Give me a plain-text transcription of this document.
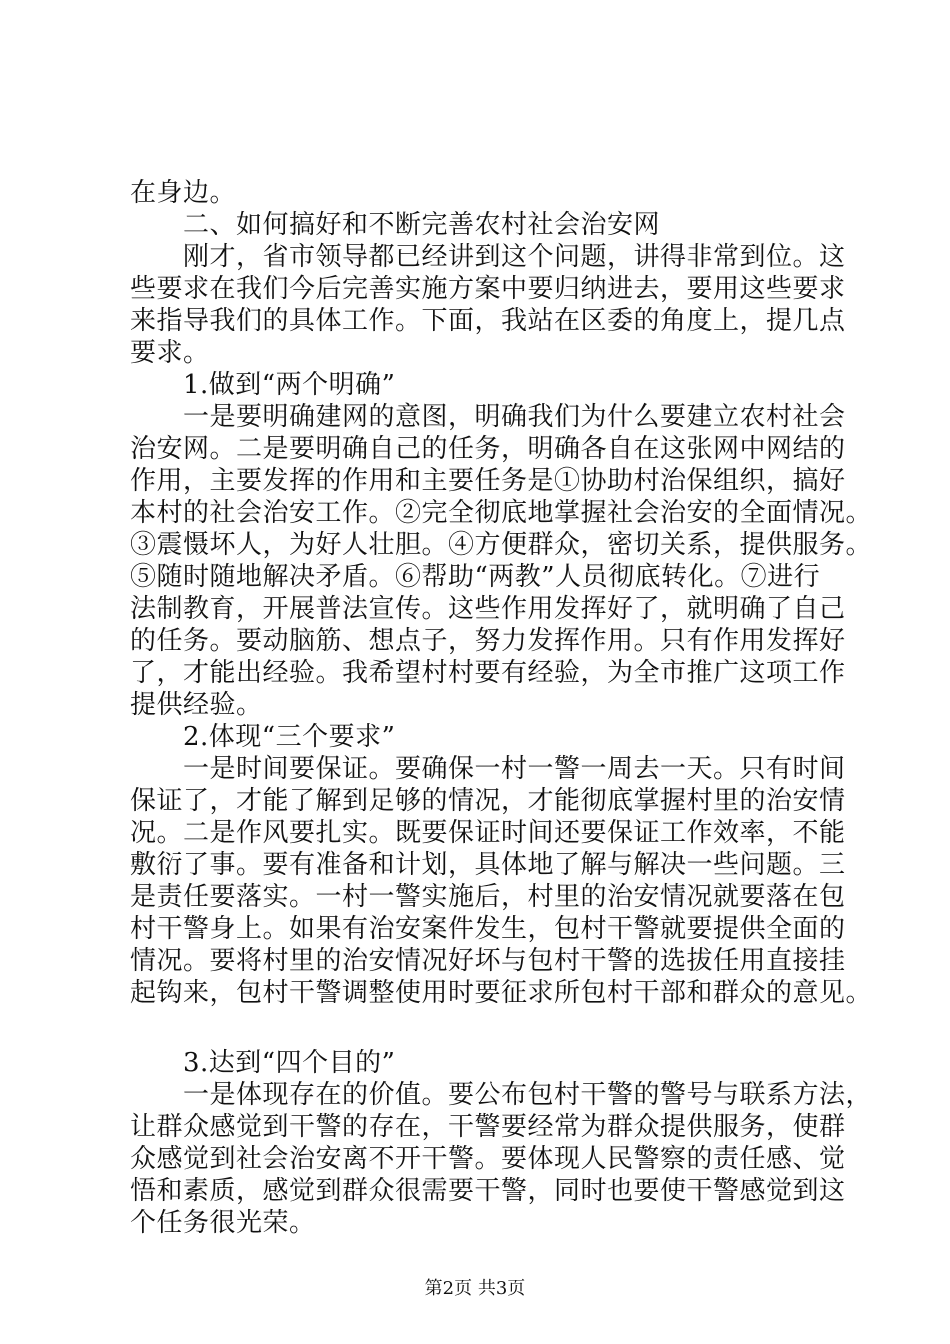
在身边。
二、如何搞好和不断完善农村社会治安网
刚才，省市领导都已经讲到这个问题，讲得非常到位。这
些要求在我们今后完善实施方案中要归纳进去，要用这些要求
来指导我们的具体工作。下面，我站在区委的角度上，提几点
要求。
1.做到“两个明确”
一是要明确建网的意图，明确我们为什么要建立农村社会
治安网。二是要明确自己的任务，明确各自在这张网中网结的
作用，主要发挥的作用和主要任务是①协助村治保组织，搞好
本村的社会治安工作。②完全彻底地掌握社会治安的全面情况。
③震慑坏人，为好人壮胆。④方便群众，密切关系，提供服务。
⑤随时随地解决矛盾。⑥帮助“两教”人员彻底转化。⑦进行
法制教育，开展普法宣传。这些作用发挥好了，就明确了自己
的任务。要动脑筋、想点子，努力发挥作用。只有作用发挥好
了，才能出经验。我希望村村要有经验，为全市推广这项工作
提供经验。
2.体现“三个要求”
一是时间要保证。要确保一村一警一周去一天。只有时间
保证了，才能了解到足够的情况，才能彻底掌握村里的治安情
况。二是作风要扎实。既要保证时间还要保证工作效率，不能
敷衍了事。要有准备和计划，具体地了解与解决一些问题。三
是责任要落实。一村一警实施后，村里的治安情况就要落在包
村干警身上。如果有治安案件发生，包村干警就要提供全面的
情况。要将村里的治安情况好坏与包村干警的选拔任用直接挂
起钩来，包村干警调整使用时要征求所包村干部和群众的意见。
3.达到“四个目的”
一是体现存在的价值。要公布包村干警的警号与联系方法，
让群众感觉到干警的存在，干警要经常为群众提供服务，使群
众感觉到社会治安离不开干警。要体现人民警察的责任感、觉
悟和素质，感觉到群众很需要干警，同时也要使干警感觉到这
个任务很光荣。
第2页 共3页
